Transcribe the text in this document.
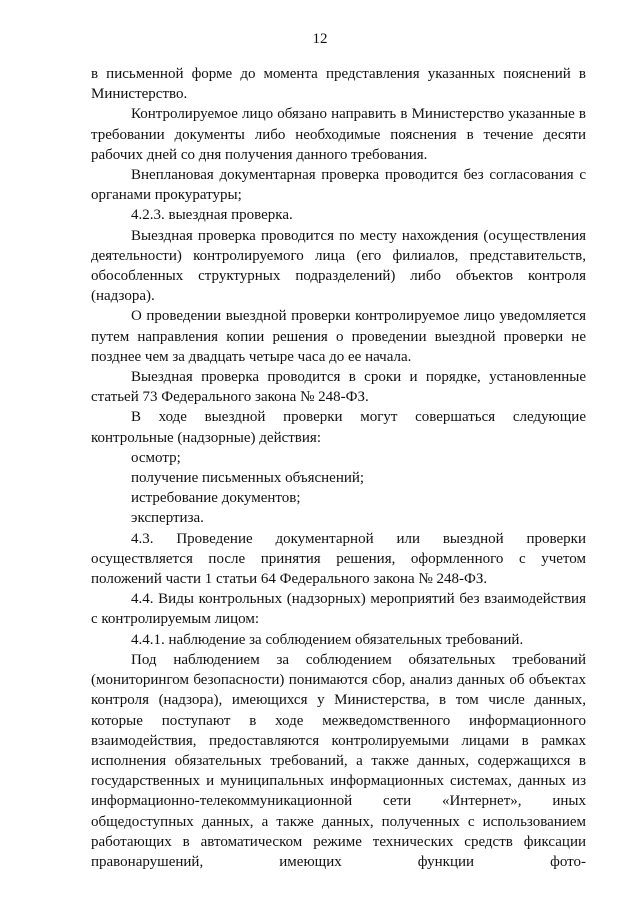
12

в письменной форме до момента представления указанных пояснений в Министерство.

Контролируемое лицо обязано направить в Министерство указанные в требовании документы либо необходимые пояснения в течение десяти рабочих дней со дня получения данного требования.

Внеплановая документарная проверка проводится без согласования с органами прокуратуры;

4.2.3. выездная проверка.

Выездная проверка проводится по месту нахождения (осуществления деятельности) контролируемого лица (его филиалов, представительств, обособленных структурных подразделений) либо объектов контроля (надзора).

О проведении выездной проверки контролируемое лицо уведомляется путем направления копии решения о проведении выездной проверки не позднее чем за двадцать четыре часа до ее начала.

Выездная проверка проводится в сроки и порядке, установленные статьей 73 Федерального закона № 248-ФЗ.

В ходе выездной проверки могут совершаться следующие контрольные (надзорные) действия:

осмотр;

получение письменных объяснений;

истребование документов;

экспертиза.

4.3. Проведение документарной или выездной проверки осуществляется после принятия решения, оформленного с учетом положений части 1 статьи 64 Федерального закона № 248-ФЗ.

4.4. Виды контрольных (надзорных) мероприятий без взаимодействия с контролируемым лицом:

4.4.1. наблюдение за соблюдением обязательных требований.

Под наблюдением за соблюдением обязательных требований (мониторингом безопасности) понимаются сбор, анализ данных об объектах контроля (надзора), имеющихся у Министерства, в том числе данных, которые поступают в ходе межведомственного информационного взаимодействия, предоставляются контролируемыми лицами в рамках исполнения обязательных требований, а также данных, содержащихся в государственных и муниципальных информационных системах, данных из информационно-телекоммуникационной сети «Интернет», иных общедоступных данных, а также данных, полученных с использованием работающих в автоматическом режиме технических средств фиксации правонарушений, имеющих функции фото-
